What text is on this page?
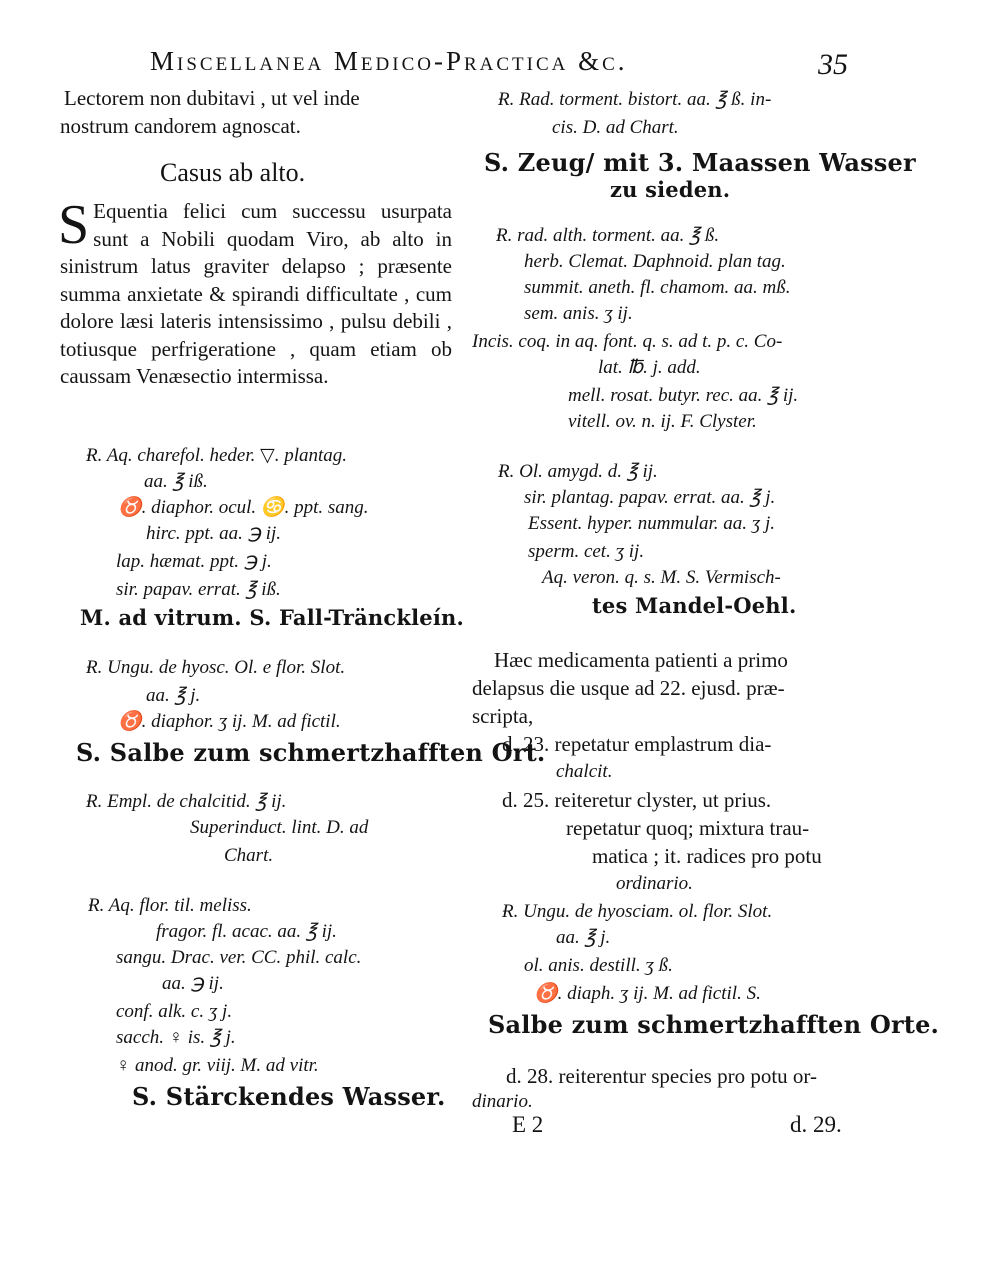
Miscellanea Medico-Practica &c.	35
S Equentia felici cum successu usurpata sunt a Nobili quodam Viro, ab alto in sinistrum latus graviter delapso ; præsente summa anxietate & spirandi difficultate , cum dolore læsi lateris intensissimo , pulsu debili , totiusque perfrigeratione , quam etiam ob caussam Venæsectio intermissa.
Lectorem non dubitavi , ut vel inde
nostrum candorem agnoscat.
Casus ab alto.
Ɍ. Aq. charefol. heder. ▽. plantag.
aa. ℥ iß.
♉. diaphor. ocul. ♋. ppt. sang.
hirc. ppt. aa. ℈ ij.
lap. hæmat. ppt. ℈ j.
sir. papav. errat. ℥ iß.
M. ad vitrum. S. Fall-Tränckleín.
Ɍ. Ungu. de hyosc. Ol. e flor. Slot.
aa. ℥ j.
♉. diaphor. ʒ ij. M. ad fictil.
S. Salbe zum schmertzhafften Ort.
Ɍ. Empl. de chalcitid. ℥ ij.
Superinduct. lint. D. ad
Chart.
Ɍ. Aq. flor. til. meliss.
fragor. fl. acac. aa. ℥ ij.
sangu. Drac. ver. CC. phil. calc.
aa. ℈ ij.
conf. alk. c. ʒ j.
sacch. ♀ is. ℥ j.
♀ anod. gr. viij. M. ad vitr.
S. Stärckendes Wasser.
Ɍ. Rad. torment. bistort. aa. ℥ ß. in-
cis. D. ad Chart.
S. Zeug/ mit 3. Maassen Wasser
zu sieden.
Ɍ. rad. alth. torment. aa. ℥ ß.
herb. Clemat. Daphnoid. plan tag.
summit. aneth. fl. chamom. aa. mß.
sem. anis. ʒ ij.
Incis. coq. in aq. font. q. s. ad t. p. c. Co-
lat. ℔. j. add.
mell. rosat. butyr. rec. aa. ℥ ij.
vitell. ov. n. ij. F. Clyster.
Ɍ. Ol. amygd. d. ℥ ij.
sir. plantag. papav. errat. aa. ℥ j.
Essent. hyper. nummular. aa. ʒ j.
sperm. cet. ʒ ij.
Aq. veron. q. s. M. S. Vermisch-
tes Mandel-Oehl.
Hæc medicamenta patienti a primo
delapsus die usque ad 22. ejusd. præ-
scripta,
d. 23. repetatur emplastrum dia-
chalcit.
d. 25. reiteretur clyster, ut prius.
repetatur quoq; mixtura trau-
matica ; it. radices pro potu
ordinario.
Ɍ. Ungu. de hyosciam. ol. flor. Slot.
aa. ℥ j.
ol. anis. destill. ʒ ß.
♉. diaph. ʒ ij. M. ad fictil. S.
Salbe zum schmertzhafften Orte.
d. 28. reiterentur species pro potu or-
dinario.
E 2	d. 29.
